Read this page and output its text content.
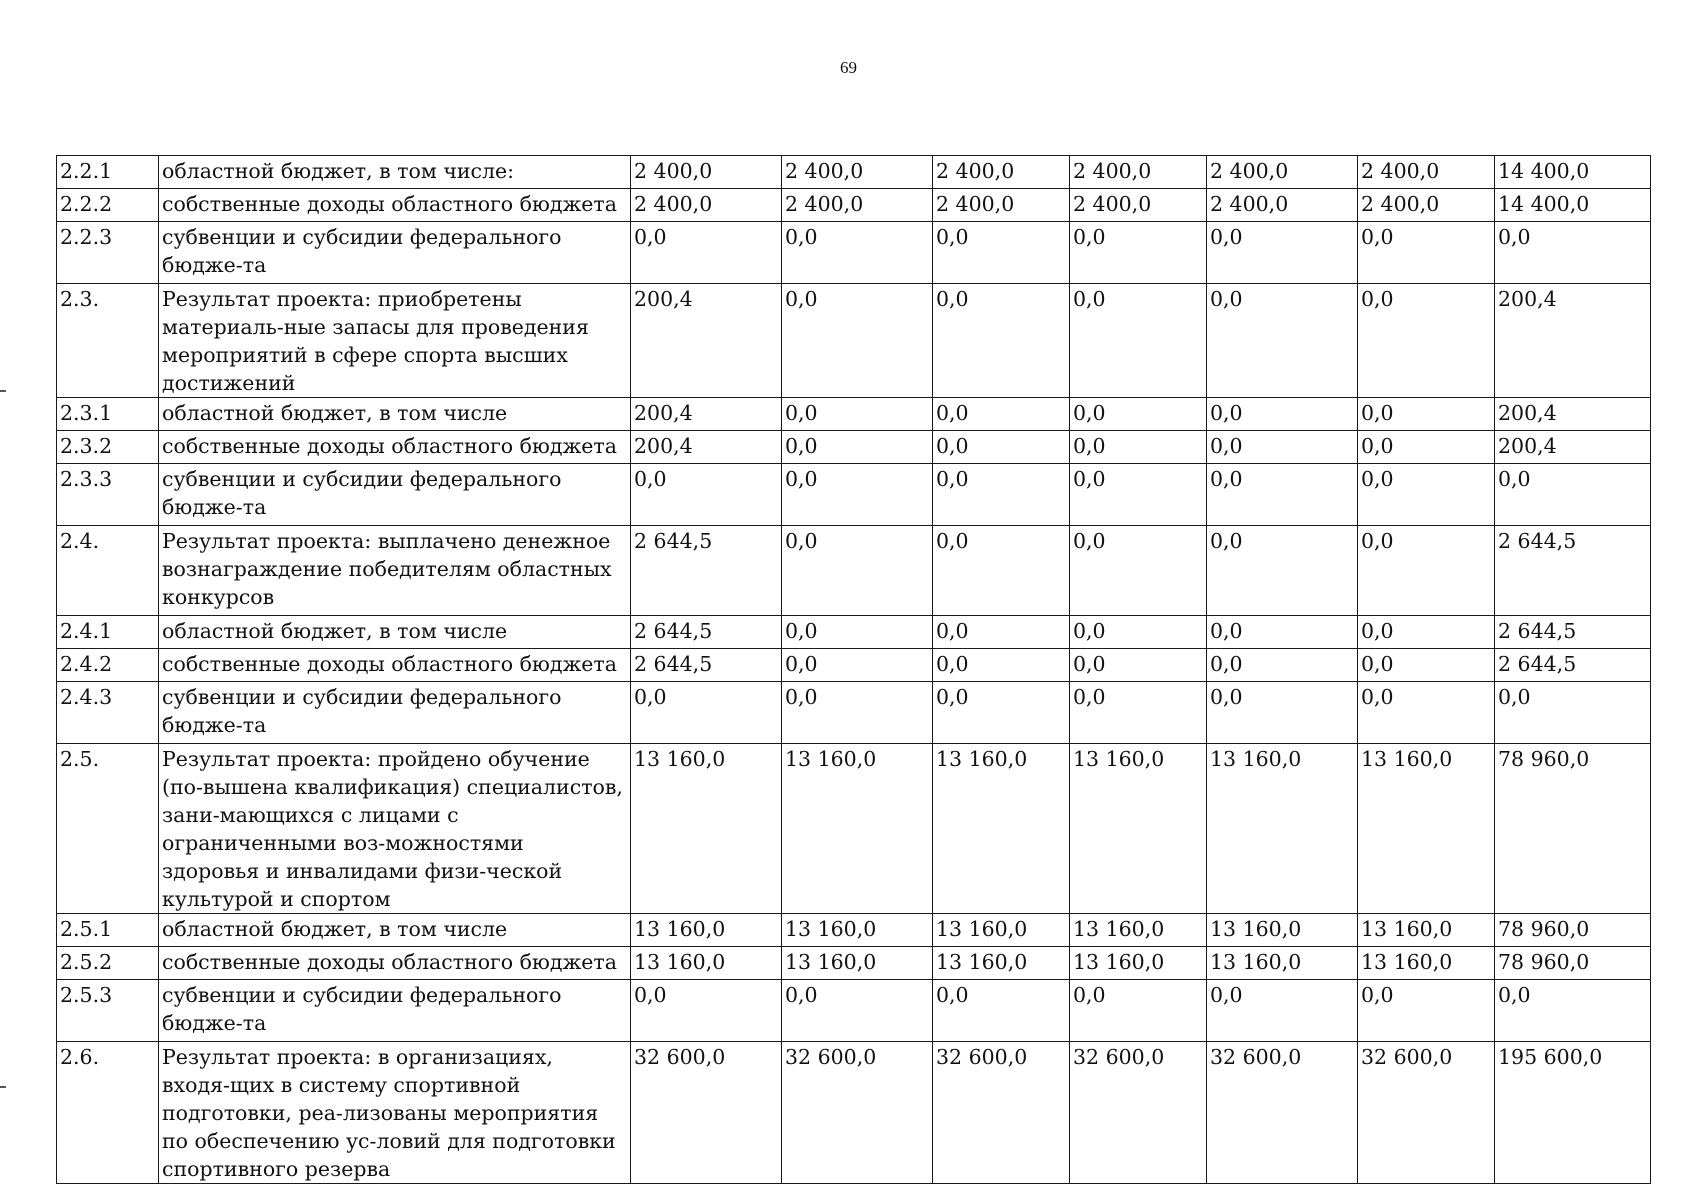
69
2.2.1	областной бюджет, в том числе:	2 400,0	2 400,0	2 400,0	2 400,0	2 400,0	2 400,0	14 400,0
2.2.2	собственные доходы областного бюджета	2 400,0	2 400,0	2 400,0	2 400,0	2 400,0	2 400,0	14 400,0
2.2.3	субвенции и субсидии федерального бюдже-та	0,0	0,0	0,0	0,0	0,0	0,0	0,0
2.3.	Результат проекта: приобретены материаль-ные запасы для проведения мероприятий в сфере спорта высших достижений	200,4	0,0	0,0	0,0	0,0	0,0	200,4
2.3.1	областной бюджет, в том числе	200,4	0,0	0,0	0,0	0,0	0,0	200,4
2.3.2	собственные доходы областного бюджета	200,4	0,0	0,0	0,0	0,0	0,0	200,4
2.3.3	субвенции и субсидии федерального бюдже-та	0,0	0,0	0,0	0,0	0,0	0,0	0,0
2.4.	Результат проекта: выплачено денежное вознаграждение победителям областных конкурсов	2 644,5	0,0	0,0	0,0	0,0	0,0	2 644,5
2.4.1	областной бюджет, в том числе	2 644,5	0,0	0,0	0,0	0,0	0,0	2 644,5
2.4.2	собственные доходы областного бюджета	2 644,5	0,0	0,0	0,0	0,0	0,0	2 644,5
2.4.3	субвенции и субсидии федерального бюдже-та	0,0	0,0	0,0	0,0	0,0	0,0	0,0
2.5.	Результат проекта: пройдено обучение (по-вышена квалификация) специалистов, зани-мающихся с лицами с ограниченными воз-можностями здоровья и инвалидами физи-ческой культурой и спортом	13 160,0	13 160,0	13 160,0	13 160,0	13 160,0	13 160,0	78 960,0
2.5.1	областной бюджет, в том числе	13 160,0	13 160,0	13 160,0	13 160,0	13 160,0	13 160,0	78 960,0
2.5.2	собственные доходы областного бюджета	13 160,0	13 160,0	13 160,0	13 160,0	13 160,0	13 160,0	78 960,0
2.5.3	субвенции и субсидии федерального бюдже-та	0,0	0,0	0,0	0,0	0,0	0,0	0,0
2.6.	Результат проекта: в организациях, входя-щих в систему спортивной подготовки, реа-лизованы мероприятия по обеспечению ус-ловий для подготовки спортивного резерва	32 600,0	32 600,0	32 600,0	32 600,0	32 600,0	32 600,0	195 600,0
